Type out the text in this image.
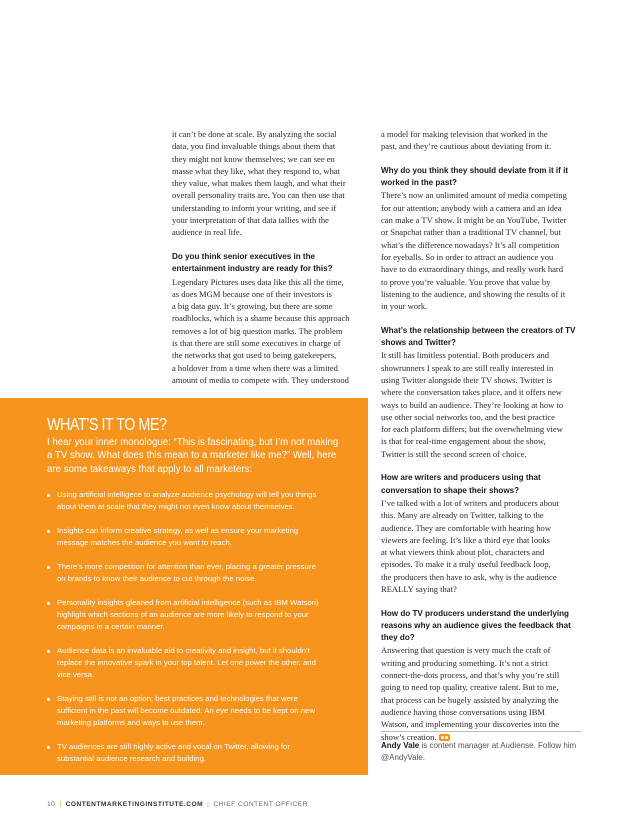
it can’t be done at scale. By analyzing the social
data, you find invaluable things about them that
they might not know themselves; we can see en
masse what they like, what they respond to, what
they value, what makes them laugh, and what their
overall personality traits are. You can then use that
understanding to inform your writing, and see if
your interpretation of that data tallies with the
audience in real life.

Do you think senior executives in the
entertainment industry are ready for this?

Legendary Pictures uses data like this all the time,
as does MGM because one of their investors is
a big data guy. It’s growing, but there are some
roadblocks, which is a shame because this approach
removes a lot of big question marks. The problem
is that there are still some executives in charge of
the networks that got used to being gatekeepers,
a holdover from a time when there was a limited
amount of media to compete with. They understood

a model for making television that worked in the
past, and they’re cautious about deviating from it.

Why do you think they should deviate from it if it
worked in the past?

There’s now an unlimited amount of media competing
for our attention; anybody with a camera and an idea
can make a TV show. It might be on YouTube, Twitter
or Snapchat rather than a traditional TV channel, but
what’s the difference nowadays? It’s all competition
for eyeballs. So in order to attract an audience you
have to do extraordinary things, and really work hard
to prove you’re valuable. You prove that value by
listening to the audience, and showing the results of it
in your work.

What’s the relationship between the creators of TV
shows and Twitter?

It still has limitless potential. Both producers and
showrunners I speak to are still really interested in
using Twitter alongside their TV shows. Twitter is
where the conversation takes place, and it offers new
ways to build an audience. They’re looking at how to
use other social networks too, and the best practice
for each platform differs; but the overwhelming view
is that for real-time engagement about the show,
Twitter is still the second screen of choice.

How are writers and producers using that
conversation to shape their shows?

I’ve talked with a lot of writers and producers about
this. Many are already on Twitter, talking to the
audience. They are comfortable with hearing how
viewers are feeling. It’s like a third eye that looks
at what viewers think about plot, characters and
episodes. To make it a truly useful feedback loop,
the producers then have to ask, why is the audience
REALLY saying that?

How do TV producers understand the underlying
reasons why an audience gives the feedback that
they do?

Answering that question is very much the craft of
writing and producing something. It’s not a strict
connect-the-dots process, and that’s why you’re still
going to need top quality, creative talent. But to me,
that process can be hugely assisted by analyzing the
audience having those conversations using IBM
Watson, and implementing your discoveries into the
show’s creation.

WHAT’S IT TO ME?

I hear your inner monologue: “This is fascinating, but I’m not making
a TV show. What does this mean to a marketer like me?” Well, here
are some takeaways that apply to all marketers:

Using artificial intelligece to analyze audience psychology will tell you things
about them at scale that they might not even know about themselves.
Insights can inform creative strategy, as well as ensure your marketing
message matches the audience you want to reach.
There’s more competition for attention than ever, placing a greater pressure
on brands to know their audience to cut through the noise.
Personality insights gleaned from artificial intelligence (such as IBM Watson)
highlight which sections of an audience are more likely to respond to your
campaigns in a certain manner.
Audience data is an invaluable aid to creativity and insight, but it shouldn’t
replace the innovative spark in your top talent. Let one power the other, and
vice versa.
Staying still is not an option; best practices and technologies that were
sufficient in the past will become outdated. An eye needs to be kept on new
marketing platforms and ways to use them.
TV audiences are still highly active and vocal on Twitter, allowing for
substantial audience research and building.

Andy Vale is content manager at Audiense. Follow him
@AndyVale.

10 | CONTENTMARKETINGINSTITUTE.COM | CHIEF CONTENT OFFICER
